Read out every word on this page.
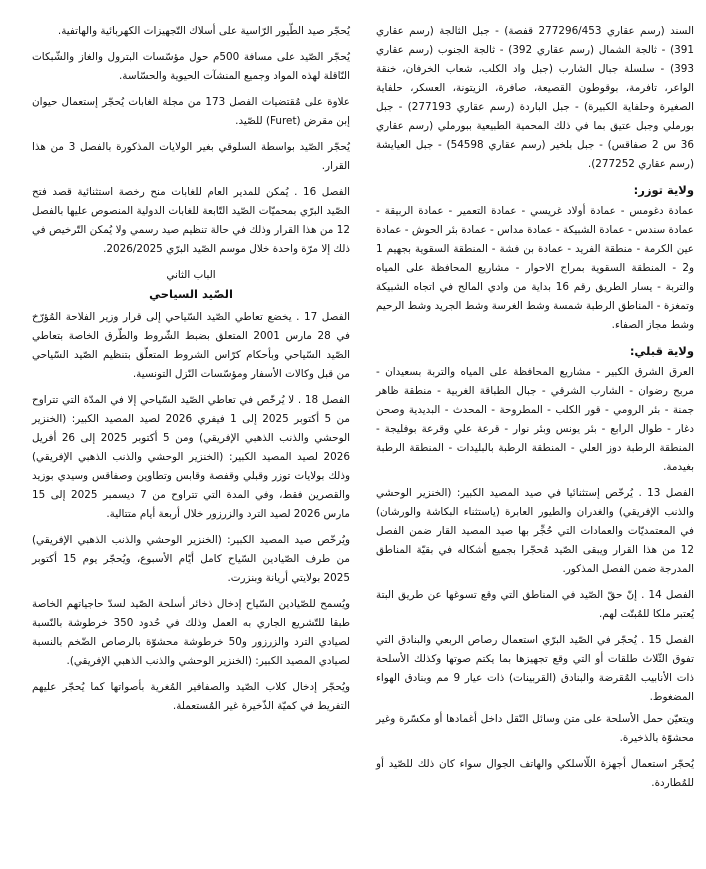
السند (رسم عقاري 277296/453 قفصة) - جبل الثالجة (رسم عقاري 391) - ثالجة الشمال (رسم عقاري 392) - ثالجة الجنوب (رسم عقاري 393) - سلسلة جبال الشارب (جبل واد الكلب، شعاب الخرفان، خنقة الواعر، تافرمة، بوقوطون القصيعة، صافرة، الزيتونة، العسكر، حلفاية الصغيرة وحلفاية الكبيرة) - جبل الباردة (رسم عقاري 277193) - جبل بورملي وجبل عتيق بما في ذلك المحمية الطبيعية ببورملي (رسم عقاري 36 س 2 صفاقس) - جبل بلخير (رسم عقاري 54598) - جبل العيايشة (رسم عقاري 277252).

ولاية توزر:

عمادة دغومس - عمادة أولاد غريسي - عمادة التعمير - عمادة الربيقة - عمادة سندس - عمادة الشبيكة - عمادة مداس - عمادة بئر الحوش - عمادة عين الكرمة - منطقة الفريد - عمادة بن فشة - المنطقة السقوية بجهيم 1 و2 - المنطقة السقوية بمراح الاحوار - مشاريع المحافظة على المياه والتربة - يسار الطريق رقم 16 بداية من وادي المالح في اتجاه الشبيكة وتمغزة - المناطق الرطبة شمسة وشط الغرسة وشط الجريد وشط الرحيم وشط مجاز الصفاء.

ولاية قبلي:

العرق الشرق الكبير - مشاريع المحافظة على المياه والتربة بسعيدان - مربح رضوان - الشارب الشرقي - جبال الطباقة الغربية - منطقة ظاهر جمنة - بئر الرومي - قور الكلب - المطروحة - المحدث - البديدية وصحن دغار - طوال الرابع - بئر يونس وبئر نوار - قرعة علي وقرعة بوفليجة - المنطقة الرطبة دوز العلي - المنطقة الرطبة بالبليدات - المنطقة الرطبة بغيدمة.

الفصل 13 . يُرخّص إستثنائيا في صيد المصيد الكبير: (الخنزير الوحشي والذنب الإفريقي) والغدران والطيور العابرة (ياستثناء البكاشة والورشان) في المعتمديّات والعمادات التي حُجِّر بها صيد المصيد القار ضمن الفصل 12 من هذا القرار ويبقى الصّيد مُحجّرا بجميع أشكاله في بقيّة المناطق المدرجة ضمن الفصل المذكور.

الفصل 14 . إنّ حقّ الصّيد في المناطق التي وقع تسوغها عن طريق البتة يُعتبر ملكا للمُبتّت لهم.

الفصل 15 . يُحجّر في الصّيد البرّي استعمال رصاص الربعي والبنادق التي تفوق الثّلاث طلقات أو التي وقع تجهيزها بما يكتم صوتها وكذلك الأسلحة ذات الأنابيب المُقرضة والبنادق (القربينات) ذات عيار 9 مم وبنادق الهواء المضغوط.

ويتعيّن حمل الأسلحة على متن وسائل النّقل داخل أغمادها أو مكسّرة وغير محشوّة بالذخيرة.

يُحجّر استعمال أجهزة اللّاسلكي والهاتف الجوال سواء كان ذلك للصّيد أو للمُطاردة.

يُحجّر صيد الطّيور الرّاسية على أسلاك التّجهيزات الكهربائية والهاتفية.

يُحجّر الصّيد على مسافة 500م حول مؤسّسات البترول والغاز والشّبكات النّاقلة لهذه المواد وجميع المنشآت الحيوية والحسّاسة.

علاوة على مُقتضيات الفصل 173 من مجلة الغابات يُحجّر إستعمال حيوان إبن مقرض (Furet) للصّيد.

يُحجّر الصّيد بواسطة السلوقي بغير الولايات المذكورة بالفصل 3 من هذا القرار.

الفصل 16 . يُمكن للمدير العام للغابات منح رخصة استثنائية قصد فتح الصّيد البرّي بمحميّات الصّيد التّابعة للغابات الدولية المنصوص عليها بالفصل 12 من هذا القرار وذلك في حالة تنظيم صيد رسمي ولا يُمكن التّرخيص في ذلك إلا مرّة واحدة خلال موسم الصّيد البرّي 2026/2025.

الباب الثاني
الصّيد السياحي

الفصل 17 . يخضع تعاطي الصّيد السّياحي إلى قرار وزير الفلاحة المُؤرّخ في 28 مارس 2001 المتعلق بضبط الشّروط والطّرق الخاصة بتعاطي الصّيد السّياحي وبأحكام كرّاس الشروط المتعلّق بتنظيم الصّيد السّياحي من قبل وكالات الأسفار ومؤسّسات النّزل التونسية.

الفصل 18 . لا يُرخّص في تعاطي الصّيد السّياحي إلا في المدّة التي تتراوح من 5 أكتوبر 2025 إلى 1 فيفري 2026 لصيد المصيد الكبير: (الخنزير الوحشي والذنب الذهبي الإفريقي) ومن 5 أكتوبر 2025 إلى 26 أفريل 2026 لصيد المصيد الكبير: (الخنزير الوحشي والذنب الذهبي الإفريقي) وذلك بولايات توزر وقبلي وقفصة وقابس وتطاوين وصفاقس وسيدي بوزيد والقصرين فقط، وفي المدة التي تتراوح من 7 ديسمبر 2025 إلى 15 مارس 2026 لصيد الترد والزرزور خلال أربعة أيام متتالية.

ويُرخّص صيد المصيد الكبير: (الخنزير الوحشي والذنب الذهبي الإفريقي) من طرف الصّيادين السّياح كامل أيّام الأسبوع، ويُحجّر يوم 15 أكتوبر 2025 بولايتي أريانة وبنزرت.

ويُسمح للصّيادين السّياح إدخال ذخائر أسلحة الصّيد لسدّ حاجياتهم الخاصة طبقا للتّشريع الجاري به العمل وذلك في حُدود 350 خرطوشة بالنّسبة لصيادي الترد والزرزور و50 خرطوشة محشوّة بالرصاص الضّخم بالنسبة لصيادي المصيد الكبير: (الخنزير الوحشي والذنب الذهبي الإفريقي).

ويُحجّر إدخال كلاب الصّيد والصفافير المُغرية بأصواتها كما يُحجّر عليهم التفريط في كميّة الذّخيرة غير المُستعملة.
